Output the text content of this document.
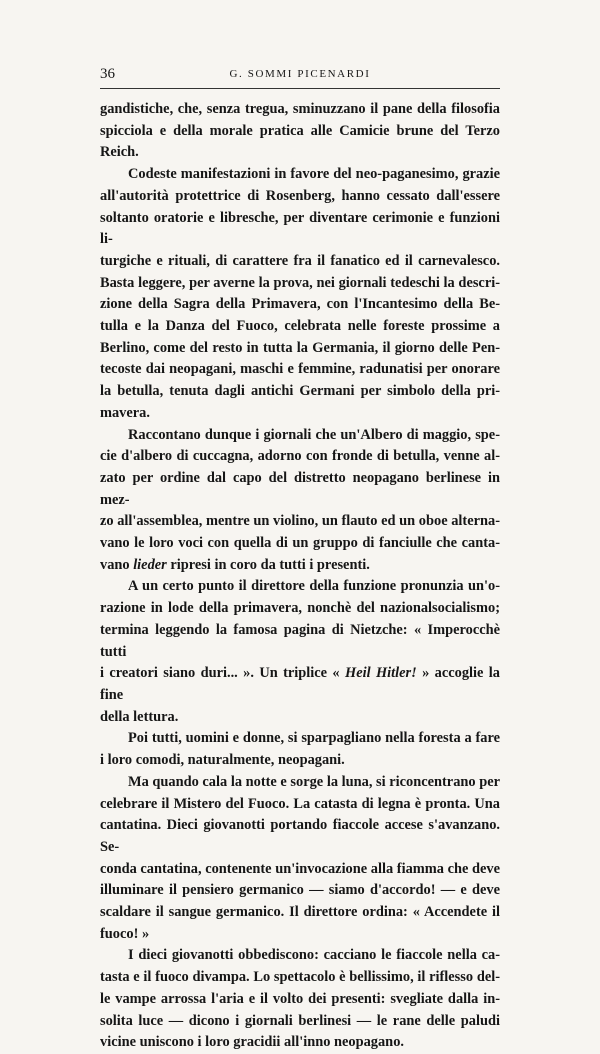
36	G. SOMMI PICENARDI

gandistiche, che, senza tregua, sminuzzano il pane della filosofia
spicciola e della morale pratica alle Camicie brune del Terzo Reich.

Codeste manifestazioni in favore del neo-paganesimo, grazie
all'autorità protettrice di Rosenberg, hanno cessato dall'essere
soltanto oratorie e libresche, per diventare cerimonie e funzioni li-
turgiche e rituali, di carattere fra il fanatico ed il carnevalesco.
Basta leggere, per averne la prova, nei giornali tedeschi la descri-
zione della Sagra della Primavera, con l'Incantesimo della Be-
tulla e la Danza del Fuoco, celebrata nelle foreste prossime a
Berlino, come del resto in tutta la Germania, il giorno delle Pen-
tecoste dai neopagani, maschi e femmine, radunatisi per onorare
la betulla, tenuta dagli antichi Germani per simbolo della pri-
mavera.

Raccontano dunque i giornali che un'Albero di maggio, spe-
cie d'albero di cuccagna, adorno con fronde di betulla, venne al-
zato per ordine dal capo del distretto neopagano berlinese in mez-
zo all'assemblea, mentre un violino, un flauto ed un oboe alterna-
vano le loro voci con quella di un gruppo di fanciulle che canta-
vano lieder ripresi in coro da tutti i presenti.

A un certo punto il direttore della funzione pronunzia un'o-
razione in lode della primavera, nonchè del nazionalsocialismo;
termina leggendo la famosa pagina di Nietzche: « Imperocchè tutti
i creatori siano duri... ». Un triplice « Heil Hitler! » accoglie la fine
della lettura.

Poi tutti, uomini e donne, si sparpagliano nella foresta a fare
i loro comodi, naturalmente, neopagani.

Ma quando cala la notte e sorge la luna, si riconcentrano per
celebrare il Mistero del Fuoco. La catasta di legna è pronta. Una
cantatina. Dieci giovanotti portando fiaccole accese s'avanzano. Se-
conda cantatina, contenente un'invocazione alla fiamma che deve
illuminare il pensiero germanico — siamo d'accordo! — e deve
scaldare il sangue germanico. Il direttore ordina: « Accendete il
fuoco! »

I dieci giovanotti obbediscono: cacciano le fiaccole nella ca-
tasta e il fuoco divampa. Lo spettacolo è bellissimo, il riflesso del-
le vampe arrossa l'aria e il volto dei presenti: svegliate dalla in-
solita luce — dicono i giornali berlinesi — le rane delle paludi
vicine uniscono i loro gracidii all'inno neopagano.
